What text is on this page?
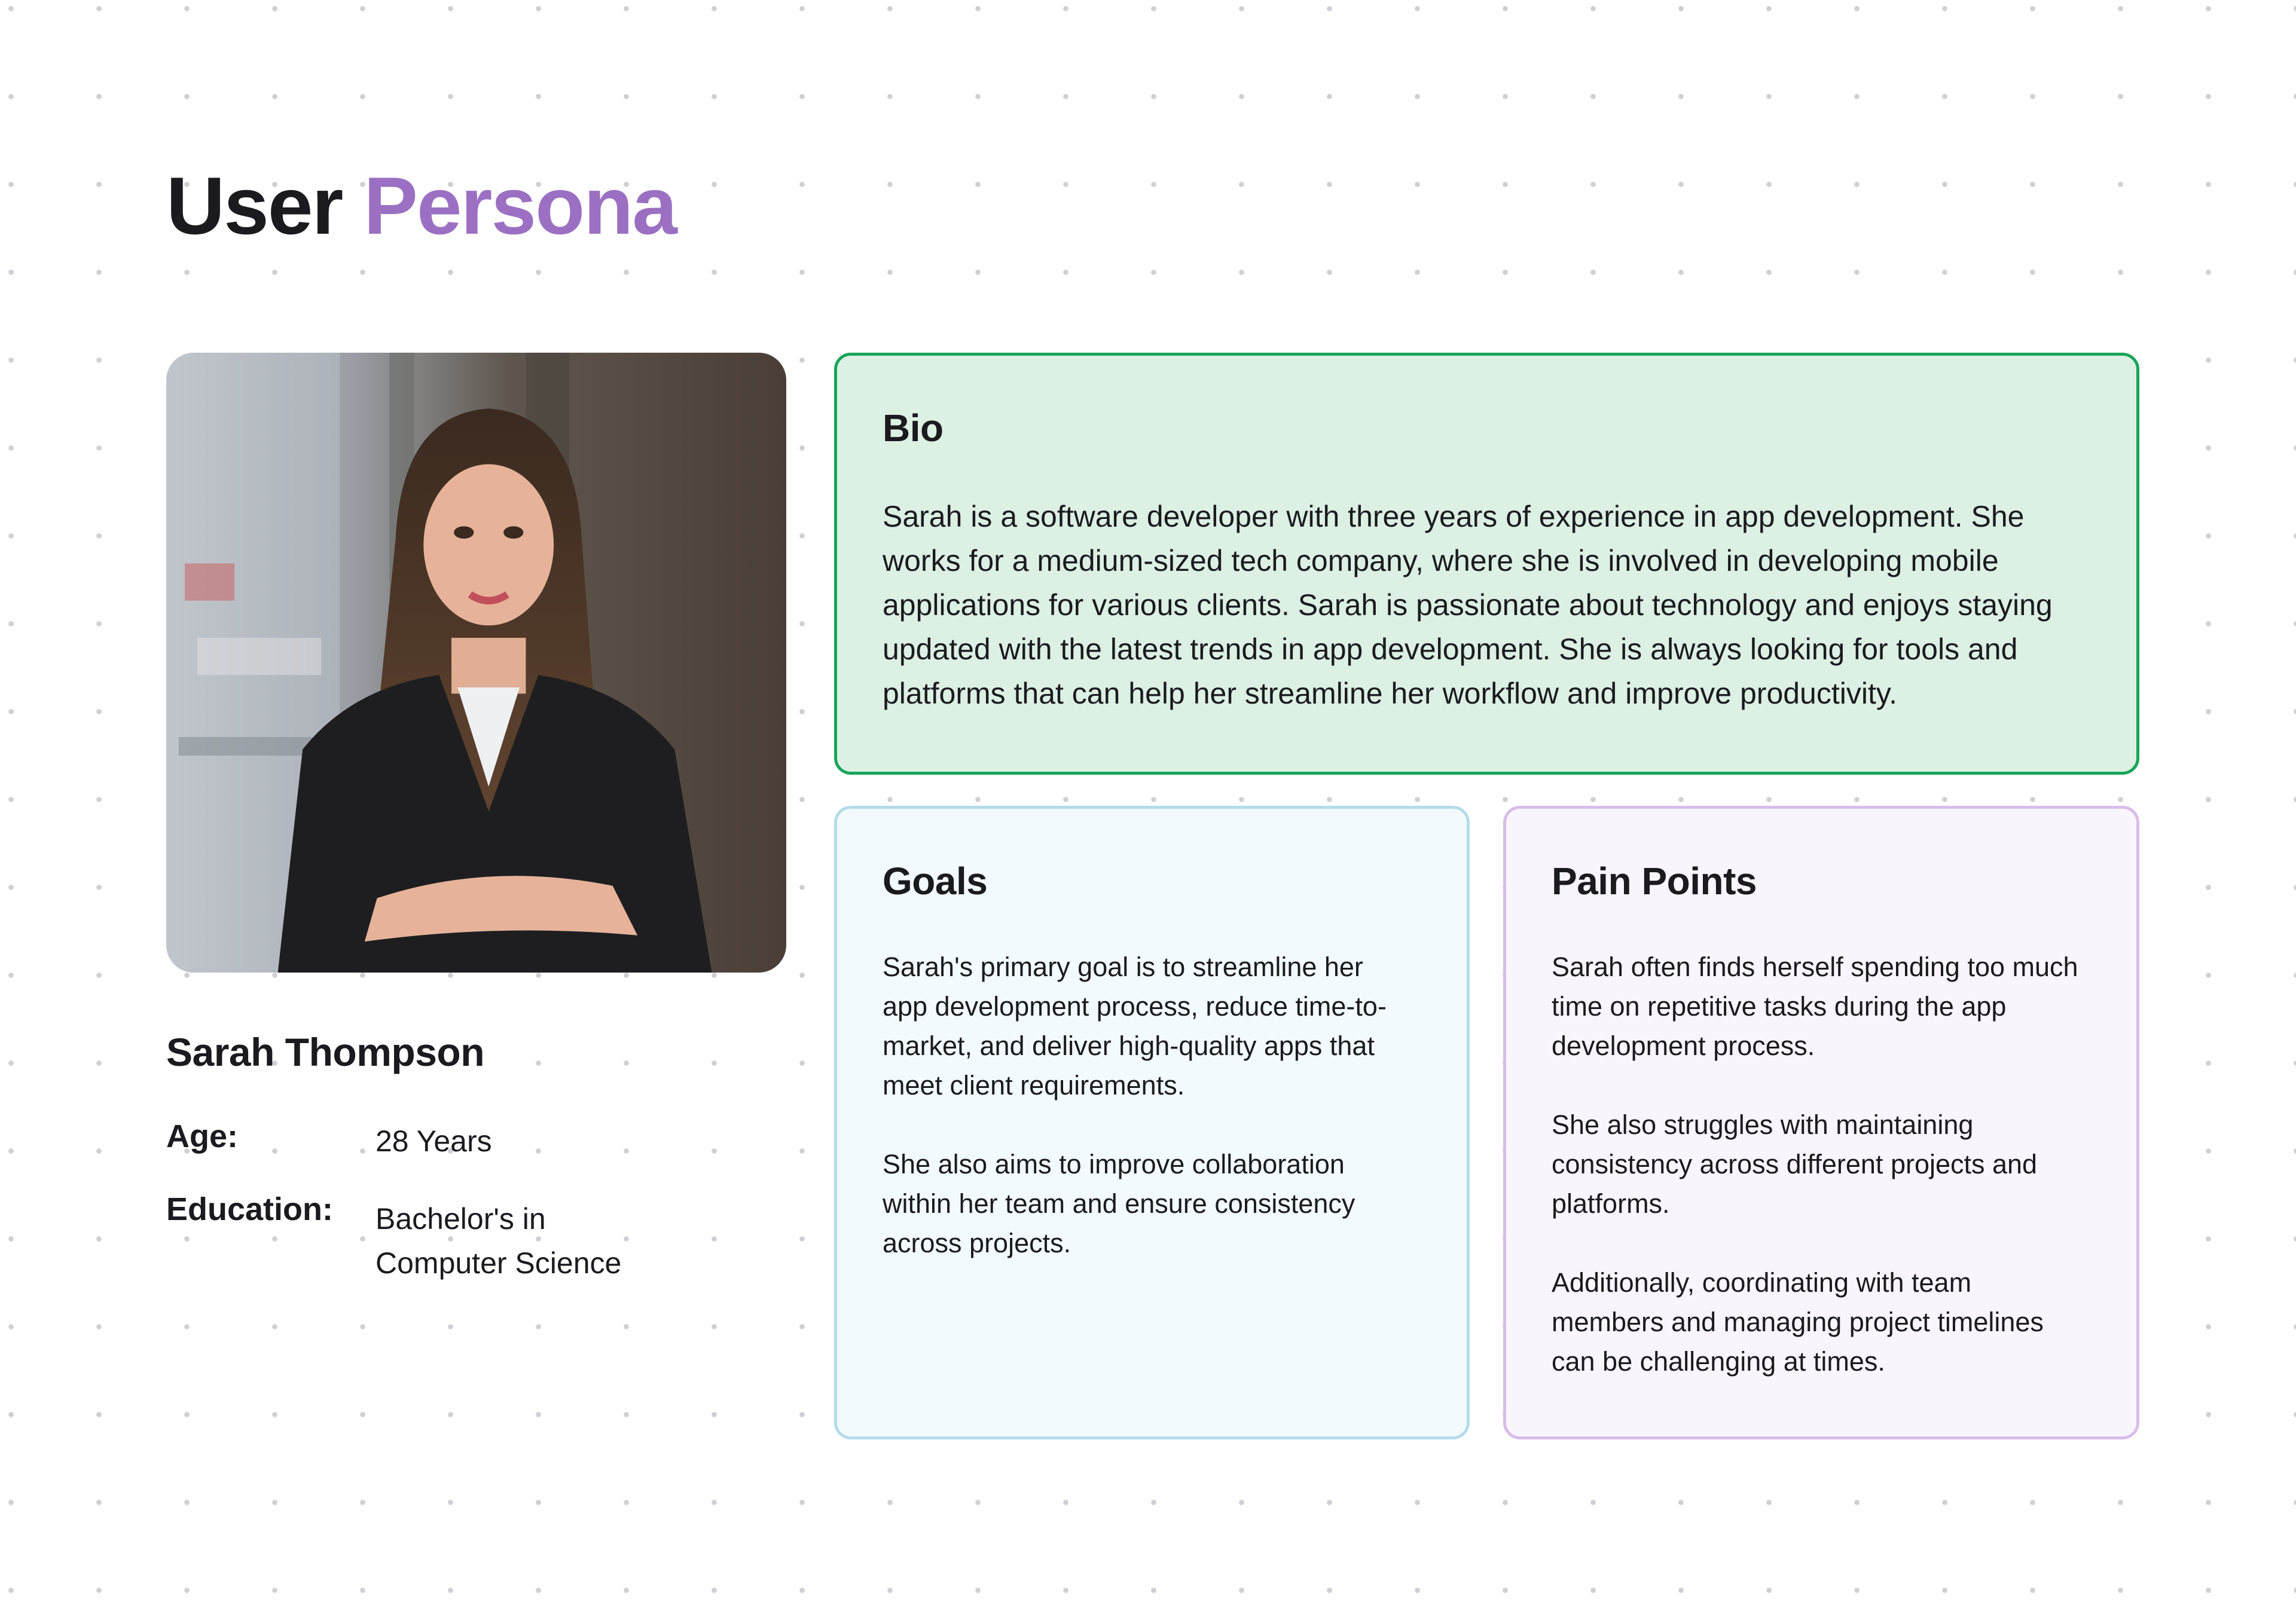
User Persona
Sarah Thompson
Age:	28 Years
Education: Bachelor's in
Computer Science
Bio

Sarah is a software developer with three years of experience in app development. She works for a medium-sized tech company, where she is involved in developing mobile applications for various clients. Sarah is passionate about technology and enjoys staying updated with the latest trends in app development. She is always looking for tools and platforms that can help her streamline her workflow and improve productivity.

Goals

Sarah's primary goal is to streamline her app development process, reduce time-to-market, and deliver high-quality apps that meet client requirements.

She also aims to improve collaboration within her team and ensure consistency across projects.

Pain Points

Sarah often finds herself spending too much time on repetitive tasks during the app development process.

She also struggles with maintaining consistency across different projects and platforms.

Additionally, coordinating with team members and managing project timelines can be challenging at times.
